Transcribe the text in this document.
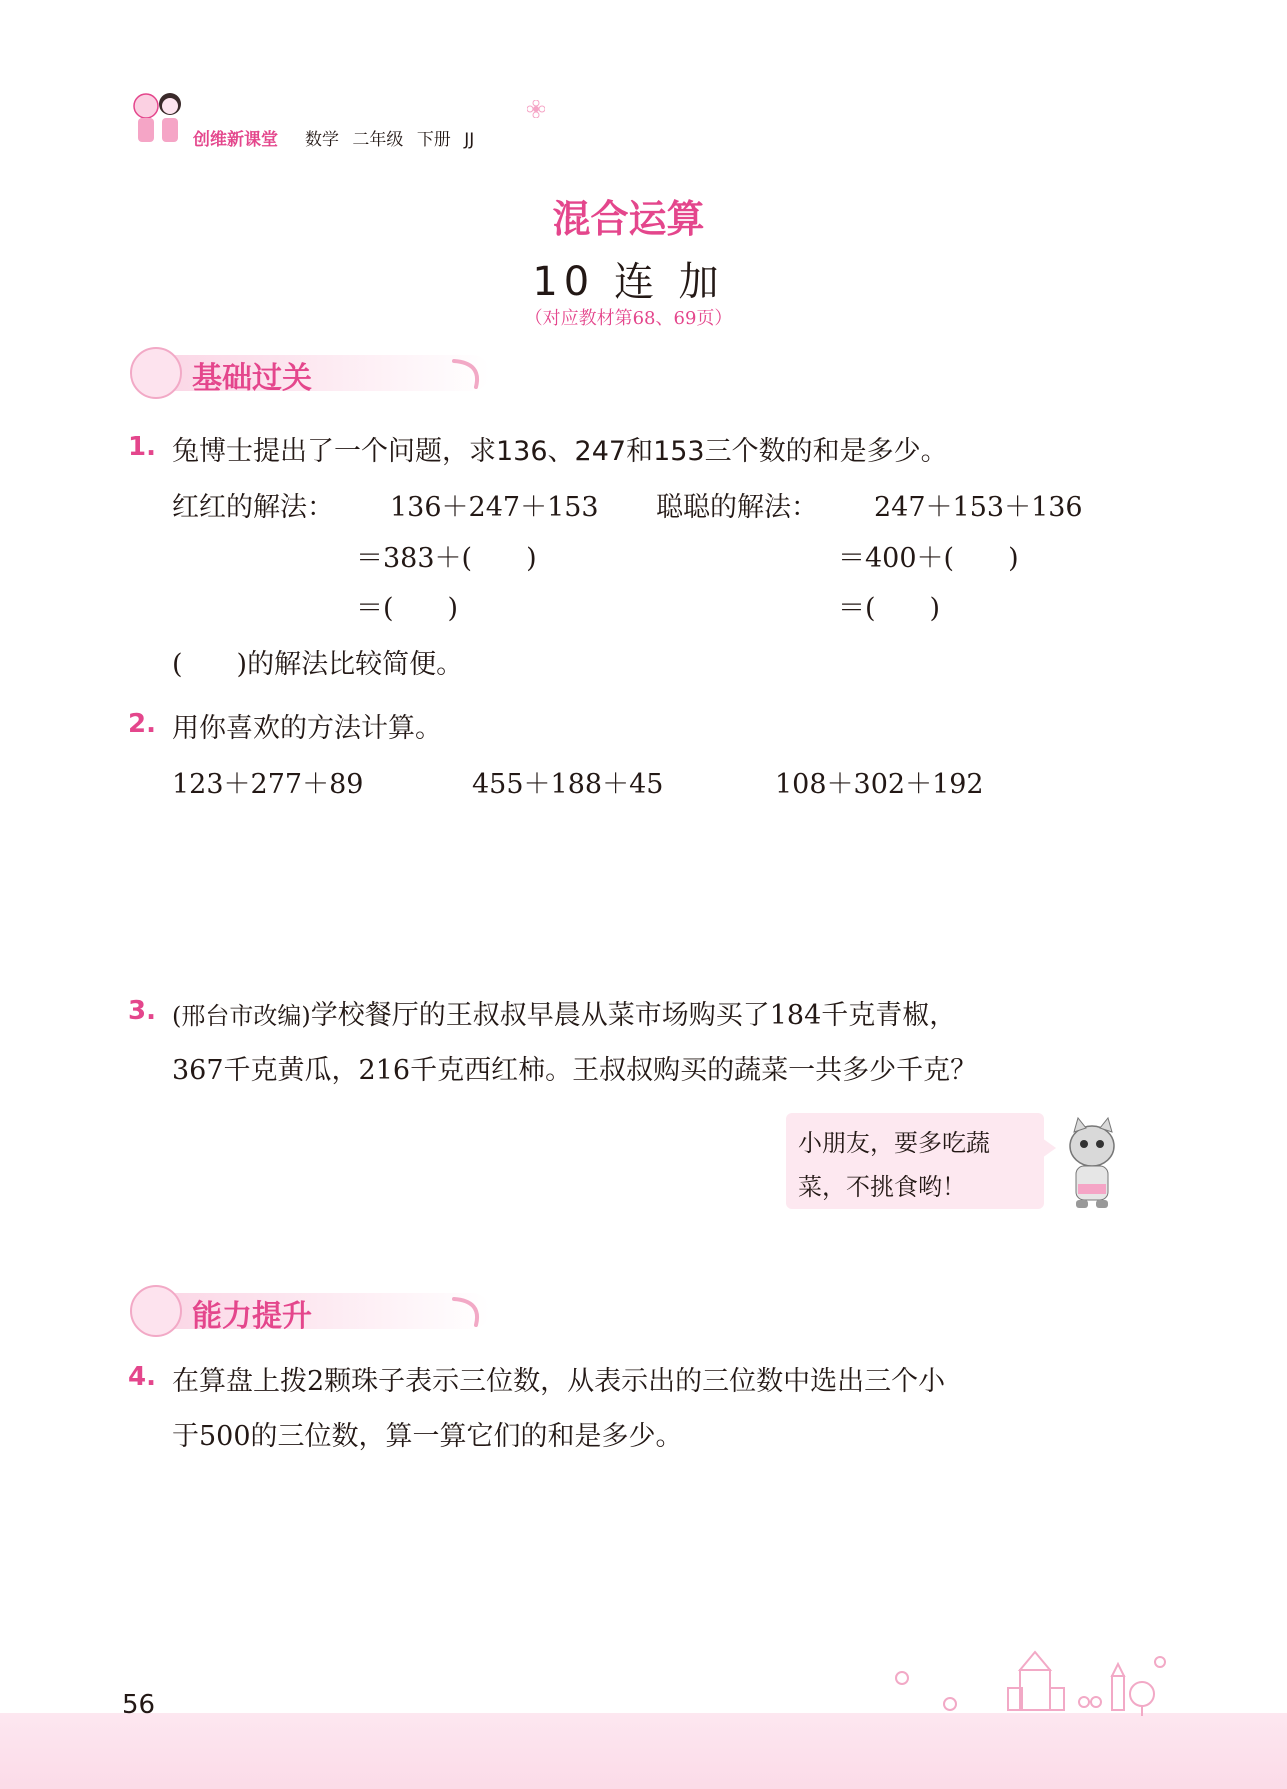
创维新课堂 数学 二年级 下册 JJ
混合运算
10 连 加
（对应教材第68、69页）
基础过关
1. 兔博士提出了一个问题，求136、247和153三个数的和是多少。
红红的解法： 136＋247＋153
＝383＋(　　)
＝(　　)
聪聪的解法： 247＋153＋136
＝400＋(　　)
＝(　　)
(　　)的解法比较简便。
2. 用你喜欢的方法计算。
123＋277＋89	455＋188＋45	108＋302＋192
3. (邢台市改编)学校餐厅的王叔叔早晨从菜市场购买了184千克青椒，
367千克黄瓜，216千克西红柿。王叔叔购买的蔬菜一共多少千克？
小朋友，要多吃蔬
菜，不挑食哟！
能力提升
4. 在算盘上拨2颗珠子表示三位数，从表示出的三位数中选出三个小
于500的三位数，算一算它们的和是多少。
56
